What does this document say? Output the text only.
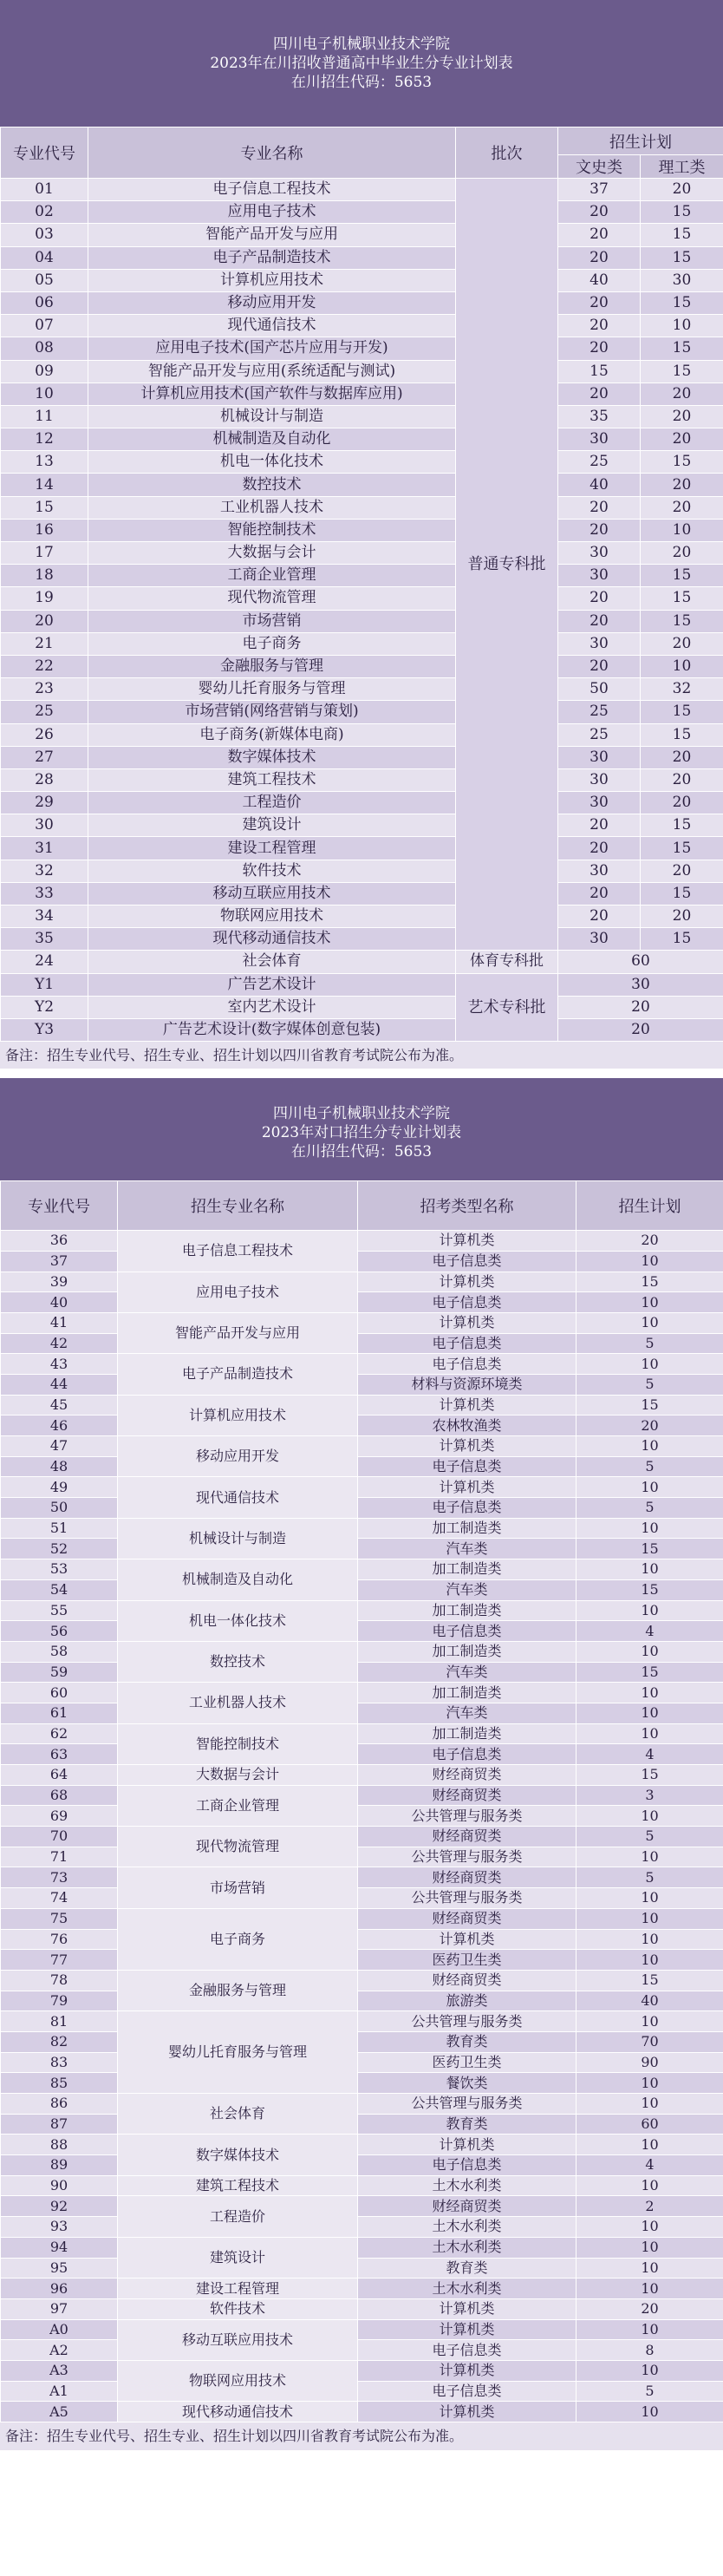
四川电子机械职业技术学院
2023年在川招收普通高中毕业生分专业计划表
在川招生代码：5653
专业代号	专业名称	批次	招生计划	
			文史类	理工类
01	电子信息工程技术	普通专科批	37	20
02	应用电子技术		20	15
03	智能产品开发与应用		20	15
04	电子产品制造技术		20	15
05	计算机应用技术		40	30
06	移动应用开发		20	15
07	现代通信技术		20	10
08	应用电子技术(国产芯片应用与开发)		20	15
09	智能产品开发与应用(系统适配与测试)		15	15
10	计算机应用技术(国产软件与数据库应用)		20	20
11	机械设计与制造		35	20
12	机械制造及自动化		30	20
13	机电一体化技术		25	15
14	数控技术		40	20
15	工业机器人技术		20	20
16	智能控制技术		20	10
17	大数据与会计		30	20
18	工商企业管理		30	15
19	现代物流管理		20	15
20	市场营销		20	15
21	电子商务		30	20
22	金融服务与管理		20	10
23	婴幼儿托育服务与管理		50	32
25	市场营销(网络营销与策划)		25	15
26	电子商务(新媒体电商)		25	15
27	数字媒体技术		30	20
28	建筑工程技术		30	20
29	工程造价		30	20
30	建筑设计		20	15
31	建设工程管理		20	15
32	软件技术		30	20
33	移动互联应用技术		20	15
34	物联网应用技术		20	20
35	现代移动通信技术		30	15
24	社会体育	体育专科批	60	
Y1	广告艺术设计	艺术专科批	30	
Y2	室内艺术设计		20	
Y3	广告艺术设计(数字媒体创意包装)		20	
备注：招生专业代号、招生专业、招生计划以四川省教育考试院公布为准。
四川电子机械职业技术学院
2023年对口招生分专业计划表
在川招生代码：5653
专业代号	招生专业名称	招考类型名称	招生计划
36	电子信息工程技术	计算机类	20
37		电子信息类	10
39	应用电子技术	计算机类	15
40		电子信息类	10
41	智能产品开发与应用	计算机类	10
42		电子信息类	5
43	电子产品制造技术	电子信息类	10
44		材料与资源环境类	5
45	计算机应用技术	计算机类	15
46		农林牧渔类	20
47	移动应用开发	计算机类	10
48		电子信息类	5
49	现代通信技术	计算机类	10
50		电子信息类	5
51	机械设计与制造	加工制造类	10
52		汽车类	15
53	机械制造及自动化	加工制造类	10
54		汽车类	15
55	机电一体化技术	加工制造类	10
56		电子信息类	4
58	数控技术	加工制造类	10
59		汽车类	15
60	工业机器人技术	加工制造类	10
61		汽车类	10
62	智能控制技术	加工制造类	10
63		电子信息类	4
64	大数据与会计	财经商贸类	15
68	工商企业管理	财经商贸类	3
69		公共管理与服务类	10
70	现代物流管理	财经商贸类	5
71		公共管理与服务类	10
73	市场营销	财经商贸类	5
74		公共管理与服务类	10
75	电子商务	财经商贸类	10
76		计算机类	10
77		医药卫生类	10
78	金融服务与管理	财经商贸类	15
79		旅游类	40
81	婴幼儿托育服务与管理	公共管理与服务类	10
82		教育类	70
83		医药卫生类	90
85		餐饮类	10
86	社会体育	公共管理与服务类	10
87		教育类	60
88	数字媒体技术	计算机类	10
89		电子信息类	4
90	建筑工程技术	土木水利类	10
92	工程造价	财经商贸类	2
93		土木水利类	10
94	建筑设计	土木水利类	10
95		教育类	10
96	建设工程管理	土木水利类	10
97	软件技术	计算机类	20
A0	移动互联应用技术	计算机类	10
A2		电子信息类	8
A3	物联网应用技术	计算机类	10
A1		电子信息类	5
A5	现代移动通信技术	计算机类	10
备注：招生专业代号、招生专业、招生计划以四川省教育考试院公布为准。
